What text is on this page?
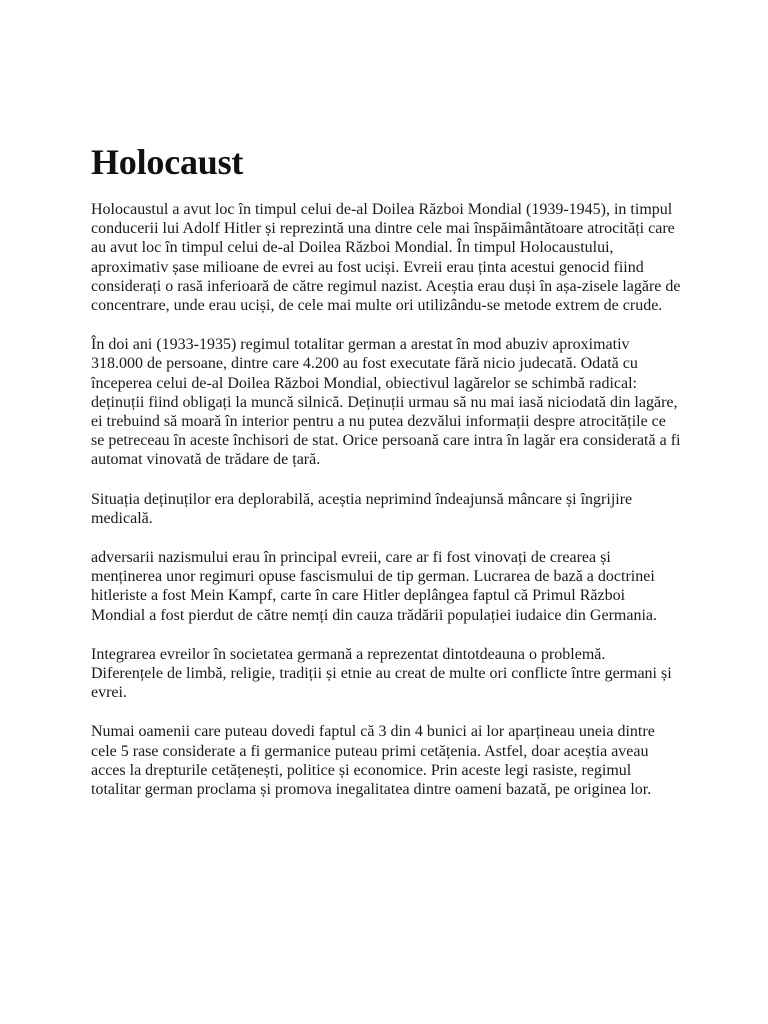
Holocaust

Holocaustul a avut loc în timpul celui de-al Doilea Război Mondial (1939-1945), in timpul conducerii lui Adolf Hitler și reprezintă una dintre cele mai înspăimântătoare atrocități care au avut loc în timpul celui de-al Doilea Război Mondial. În timpul Holocaustului, aproximativ șase milioane de evrei au fost uciși. Evreii erau ținta acestui genocid fiind considerați o rasă inferioară de către regimul nazist. Aceștia erau duși în așa-zisele lagăre de concentrare, unde erau uciși, de cele mai multe ori utilizându-se metode extrem de crude.

În doi ani (1933-1935) regimul totalitar german a arestat în mod abuziv aproximativ 318.000 de persoane, dintre care 4.200 au fost executate fără nicio judecată. Odată cu începerea celui de-al Doilea Război Mondial, obiectivul lagărelor se schimbă radical: deținuții fiind obligați la muncă silnică. Deținuții urmau să nu mai iasă niciodată din lagăre, ei trebuind să moară în interior pentru a nu putea dezvălui informații despre atrocitățile ce se petreceau în aceste închisori de stat. Orice persoană care intra în lagăr era considerată a fi automat vinovată de trădare de țară.

Situația deținuților era deplorabilă, aceștia neprimind îndeajunsă mâncare și îngrijire medicală.

adversarii nazismului erau în principal evreii, care ar fi fost vinovați de crearea și menținerea unor regimuri opuse fascismului de tip german. Lucrarea de bază a doctrinei hitleriste a fost Mein Kampf, carte în care Hitler deplângea faptul că Primul Război Mondial a fost pierdut de către nemți din cauza trădării populației iudaice din Germania.

Integrarea evreilor în societatea germană a reprezentat dintotdeauna o problemă. Diferențele de limbă, religie, tradiții și etnie au creat de multe ori conflicte între germani și evrei.

Numai oamenii care puteau dovedi faptul că 3 din 4 bunici ai lor aparțineau uneia dintre cele 5 rase considerate a fi germanice puteau primi cetățenia. Astfel, doar aceștia aveau acces la drepturile cetățenești, politice și economice. Prin aceste legi rasiste, regimul totalitar german proclama și promova inegalitatea dintre oameni bazată, pe originea lor.
